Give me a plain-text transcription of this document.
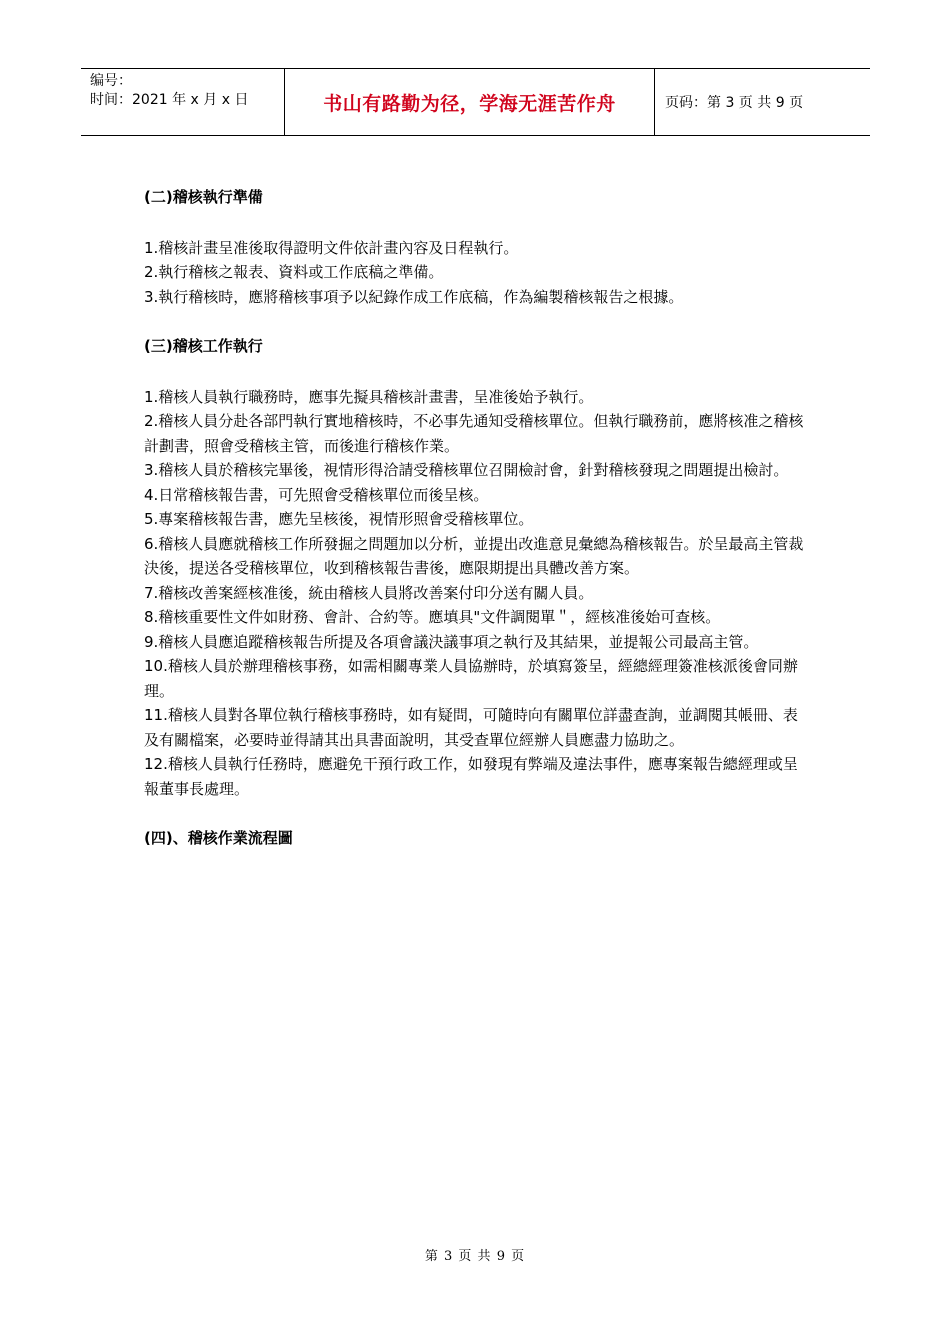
编号：
时间：2021 年 x 月 x 日	书山有路勤为径，学海无涯苦作舟	页码：第 3 页 共 9 页

(二)稽核執行準備

1.稽核計畫呈准後取得證明文件依計畫內容及日程執行。
2.執行稽核之報表、資料或工作底稿之準備。
3.執行稽核時，應將稽核事項予以紀錄作成工作底稿，作為編製稽核報告之根據。

(三)稽核工作執行

1.稽核人員執行職務時，應事先擬具稽核計畫書，呈准後始予執行。
2.稽核人員分赴各部門執行實地稽核時，不必事先通知受稽核單位。但執行職務前，應將核准之稽核計劃書，照會受稽核主管，而後進行稽核作業。
3.稽核人員於稽核完畢後，視情形得洽請受稽核單位召開檢討會，針對稽核發現之問題提出檢討。
4.日常稽核報告書，可先照會受稽核單位而後呈核。
5.專案稽核報告書，應先呈核後，視情形照會受稽核單位。
6.稽核人員應就稽核工作所發掘之問題加以分析，並提出改進意見彙總為稽核報告。於呈最高主管裁決後，提送各受稽核單位，收到稽核報告書後，應限期提出具體改善方案。
7.稽核改善案經核准後，統由稽核人員將改善案付印分送有關人員。
8.稽核重要性文件如財務、會計、合約等。應填具"文件調閱單＂，經核准後始可查核。
9.稽核人員應追蹤稽核報告所提及各項會議決議事項之執行及其結果，並提報公司最高主管。
10.稽核人員於辦理稽核事務，如需相關專業人員協辦時，於填寫簽呈，經總經理簽准核派後會同辦理。
11.稽核人員對各單位執行稽核事務時，如有疑問，可隨時向有關單位詳盡查詢，並調閱其帳冊、表及有關檔案，必要時並得請其出具書面說明，其受查單位經辦人員應盡力協助之。
12.稽核人員執行任務時，應避免干預行政工作，如發現有弊端及違法事件，應專案報告總經理或呈報董事長處理。

(四)、稽核作業流程圖

第 3 页 共 9 页
